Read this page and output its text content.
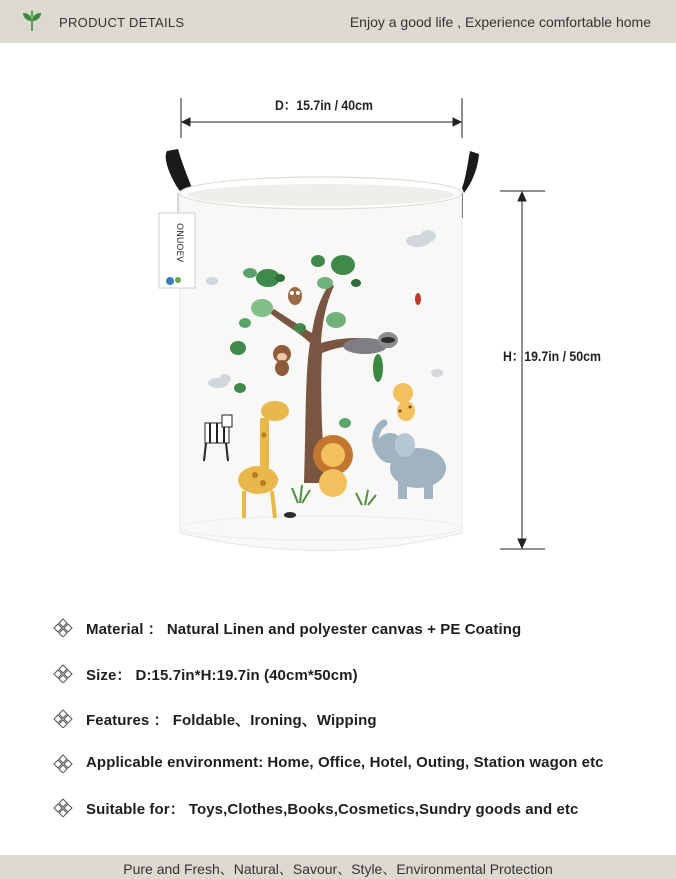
PRODUCT DETAILS	Enjoy a good life , Experience comfortable home
ONUOEV
D：15.7in / 40cm
H：19.7in / 50cm
Material ： Natural Linen and polyester canvas + PE Coating
Size： D:15.7in*H:19.7in (40cm*50cm)
Features ： Foldable、Ironing、Wipping
Applicable environment: Home, Office, Hotel, Outing, Station wagon etc
Suitable for： Toys,Clothes,Books,Cosmetics,Sundry goods and etc
Pure and Fresh、Natural、Savour、Style、Environmental Protection
